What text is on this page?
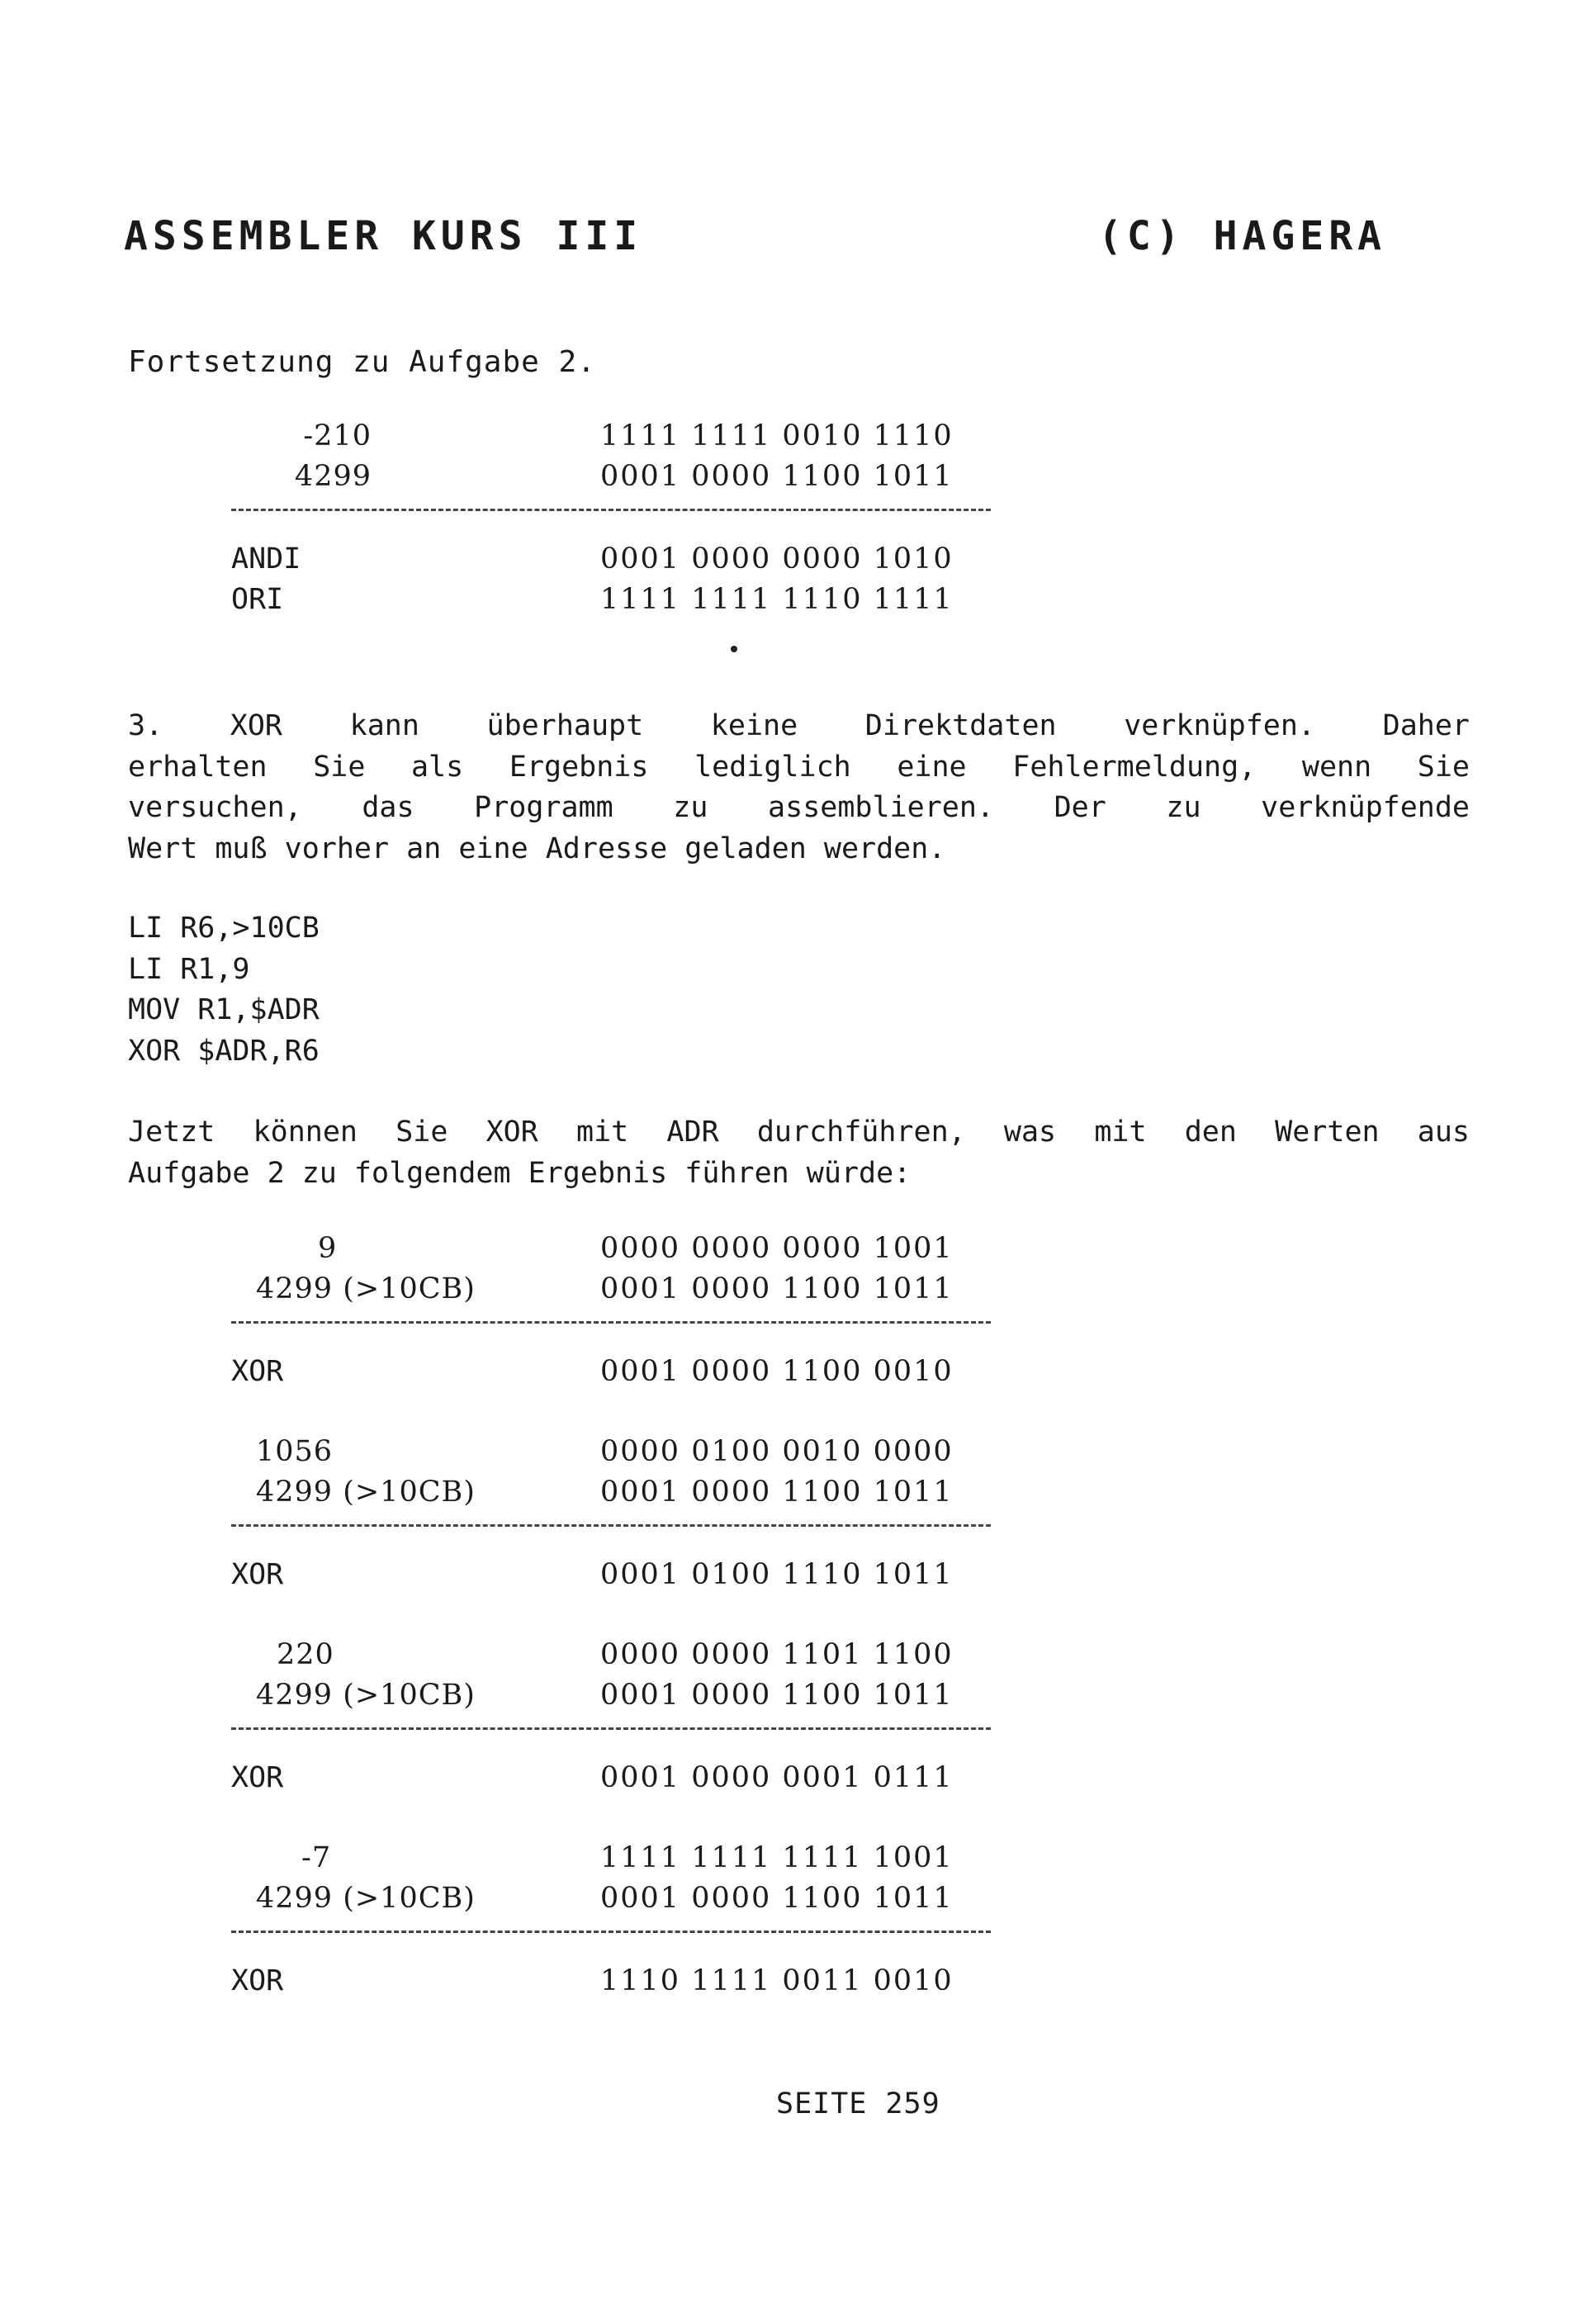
ASSEMBLER KURS III	(C) HAGERA
Fortsetzung zu Aufgabe 2.
-210	1111 1111 0010 1110
4299	0001 0000 1100 1011
ANDI	0001 0000 0000 1010
ORI	1111 1111 1110 1111
3. XOR kann überhaupt keine Direktdaten verknüpfen. Daher
erhalten Sie als Ergebnis lediglich eine Fehlermeldung, wenn Sie
versuchen, das Programm zu assemblieren. Der zu verknüpfende
Wert muß vorher an eine Adresse geladen werden.
LI R6,>10CB
LI R1,9
MOV R1,$ADR
XOR $ADR,R6
Jetzt können Sie XOR mit ADR durchführen, was mit den Werten aus
Aufgabe 2 zu folgendem Ergebnis führen würde:
9	0000 0000 0000 1001
4299 (>10CB)	0001 0000 1100 1011
XOR	0001 0000 1100 0010
1056	0000 0100 0010 0000
4299 (>10CB)	0001 0000 1100 1011
XOR	0001 0100 1110 1011
220	0000 0000 1101 1100
4299 (>10CB)	0001 0000 1100 1011
XOR	0001 0000 0001 0111
-7	1111 1111 1111 1001
4299 (>10CB)	0001 0000 1100 1011
XOR	1110 1111 0011 0010
SEITE 259
